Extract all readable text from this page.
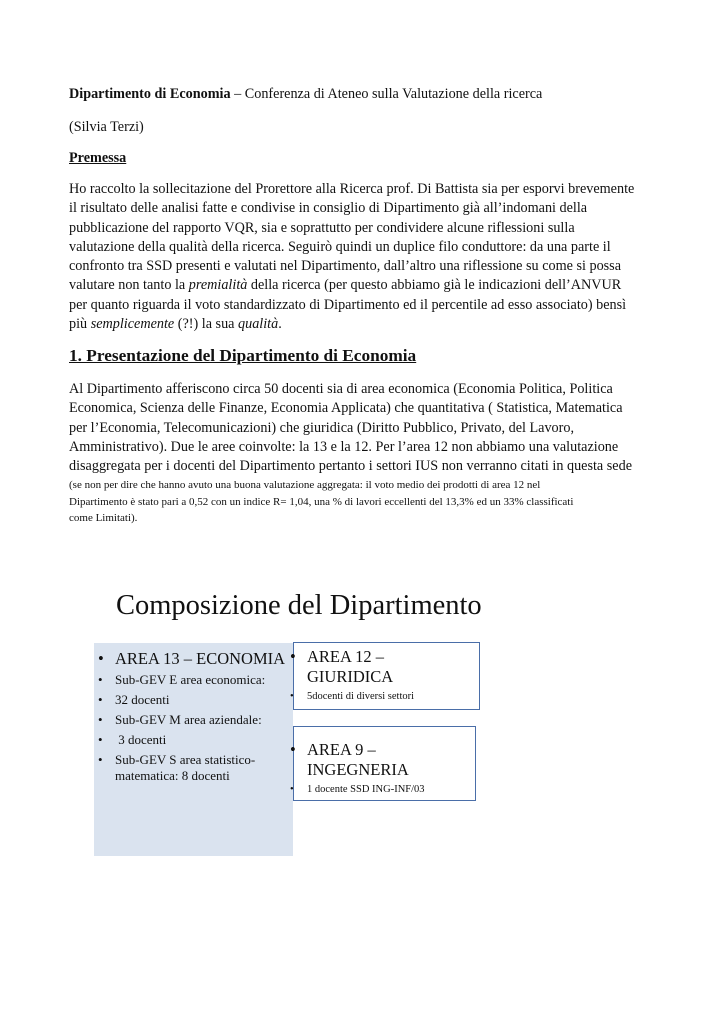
Dipartimento di Economia – Conferenza di Ateneo sulla Valutazione della ricerca
(Silvia Terzi)
Premessa
Ho raccolto la sollecitazione del Prorettore alla Ricerca prof. Di Battista sia per esporvi brevemente
il risultato delle analisi fatte e condivise in consiglio di Dipartimento già all’indomani della
pubblicazione del rapporto VQR, sia e soprattutto per condividere alcune riflessioni sulla
valutazione della qualità della ricerca. Seguirò quindi un duplice filo conduttore: da una parte il
confronto tra SSD presenti e valutati nel Dipartimento, dall’altro una riflessione su come si possa
valutare non tanto la premialità della ricerca (per questo abbiamo già le indicazioni dell’ANVUR
per quanto riguarda il voto standardizzato di Dipartimento ed il percentile ad esso associato) bensì
più semplicemente (?!) la sua qualità.
1. Presentazione del Dipartimento di Economia
Al Dipartimento afferiscono circa 50 docenti sia di area economica (Economia Politica, Politica
Economica, Scienza delle Finanze, Economia Applicata) che quantitativa ( Statistica, Matematica
per l’Economia, Telecomunicazioni) che giuridica (Diritto Pubblico, Privato, del Lavoro,
Amministrativo). Due le aree coinvolte: la 13 e la 12. Per l’area 12 non abbiamo una valutazione
disaggregata per i docenti del Dipartimento pertanto i settori IUS non verranno citati in questa sede
(se non per dire che hanno avuto una buona valutazione aggregata: il voto medio dei prodotti di area 12 nel
Dipartimento è stato pari a 0,52 con un indice R= 1,04, una % di lavori eccellenti del 13,3% ed un 33% classificati
come Limitati).
Composizione del Dipartimento
• AREA 13 – ECONOMIA
• Sub-GEV E area economica:
• 32 docenti
• Sub-GEV M area aziendale:
• 3 docenti
• Sub-GEV S area statistico-
matematica: 8 docenti
• AREA 12 –
GIURIDICA
• 5docenti di diversi settori
• AREA 9 –
INGEGNERIA
• 1 docente SSD ING-INF/03
